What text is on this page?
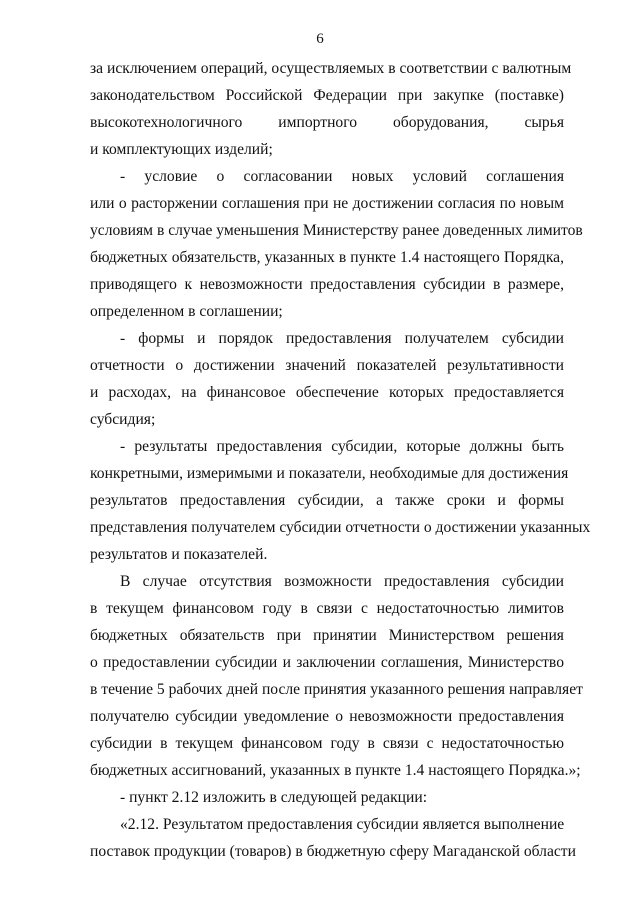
6
за исключением операций, осуществляемых в соответствии с валютным
законодательством Российской Федерации при закупке (поставке)
высокотехнологичного импортного оборудования, сырья
и комплектующих изделий;
- условие о согласовании новых условий соглашения
или о расторжении соглашения при не достижении согласия по новым
условиям в случае уменьшения Министерству ранее доведенных лимитов
бюджетных обязательств, указанных в пункте 1.4 настоящего Порядка,
приводящего к невозможности предоставления субсидии в размере,
определенном в соглашении;
- формы и порядок предоставления получателем субсидии
отчетности о достижении значений показателей результативности
и расходах, на финансовое обеспечение которых предоставляется
субсидия;
- результаты предоставления субсидии, которые должны быть
конкретными, измеримыми и показатели, необходимые для достижения
результатов предоставления субсидии, а также сроки и формы
представления получателем субсидии отчетности о достижении указанных
результатов и показателей.
В случае отсутствия возможности предоставления субсидии
в текущем финансовом году в связи с недостаточностью лимитов
бюджетных обязательств при принятии Министерством решения
о предоставлении субсидии и заключении соглашения, Министерство
в течение 5 рабочих дней после принятия указанного решения направляет
получателю субсидии уведомление о невозможности предоставления
субсидии в текущем финансовом году в связи с недостаточностью
бюджетных ассигнований, указанных в пункте 1.4 настоящего Порядка.»;
- пункт 2.12 изложить в следующей редакции:
«2.12. Результатом предоставления субсидии является выполнение
поставок продукции (товаров) в бюджетную сферу Магаданской области
